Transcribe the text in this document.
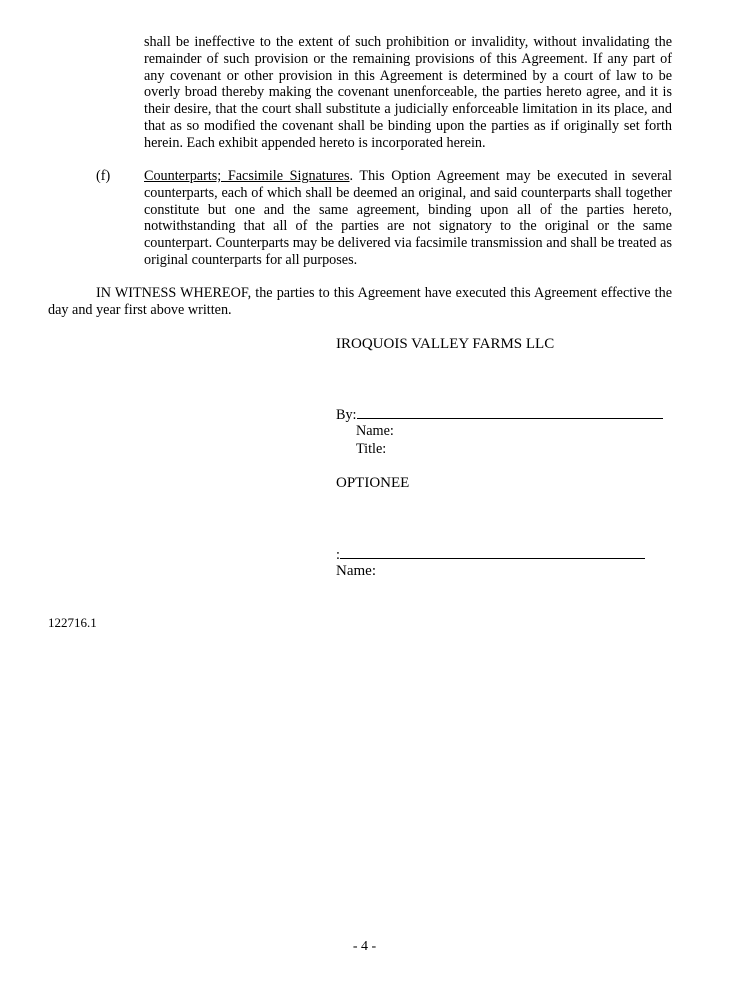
shall be ineffective to the extent of such prohibition or invalidity, without invalidating the remainder of such provision or the remaining provisions of this Agreement. If any part of any covenant or other provision in this Agreement is determined by a court of law to be overly broad thereby making the covenant unenforceable, the parties hereto agree, and it is their desire, that the court shall substitute a judicially enforceable limitation in its place, and that as so modified the covenant shall be binding upon the parties as if originally set forth herein. Each exhibit appended hereto is incorporated herein.

(f) Counterparts; Facsimile Signatures. This Option Agreement may be executed in several counterparts, each of which shall be deemed an original, and said counterparts shall together constitute but one and the same agreement, binding upon all of the parties hereto, notwithstanding that all of the parties are not signatory to the original or the same counterpart. Counterparts may be delivered via facsimile transmission and shall be treated as original counterparts for all purposes.

IN WITNESS WHEREOF, the parties to this Agreement have executed this Agreement effective the day and year first above written.

IROQUOIS VALLEY FARMS LLC
By:
Name:
Title:
OPTIONEE
:
Name:
122716.1
- 4 -
